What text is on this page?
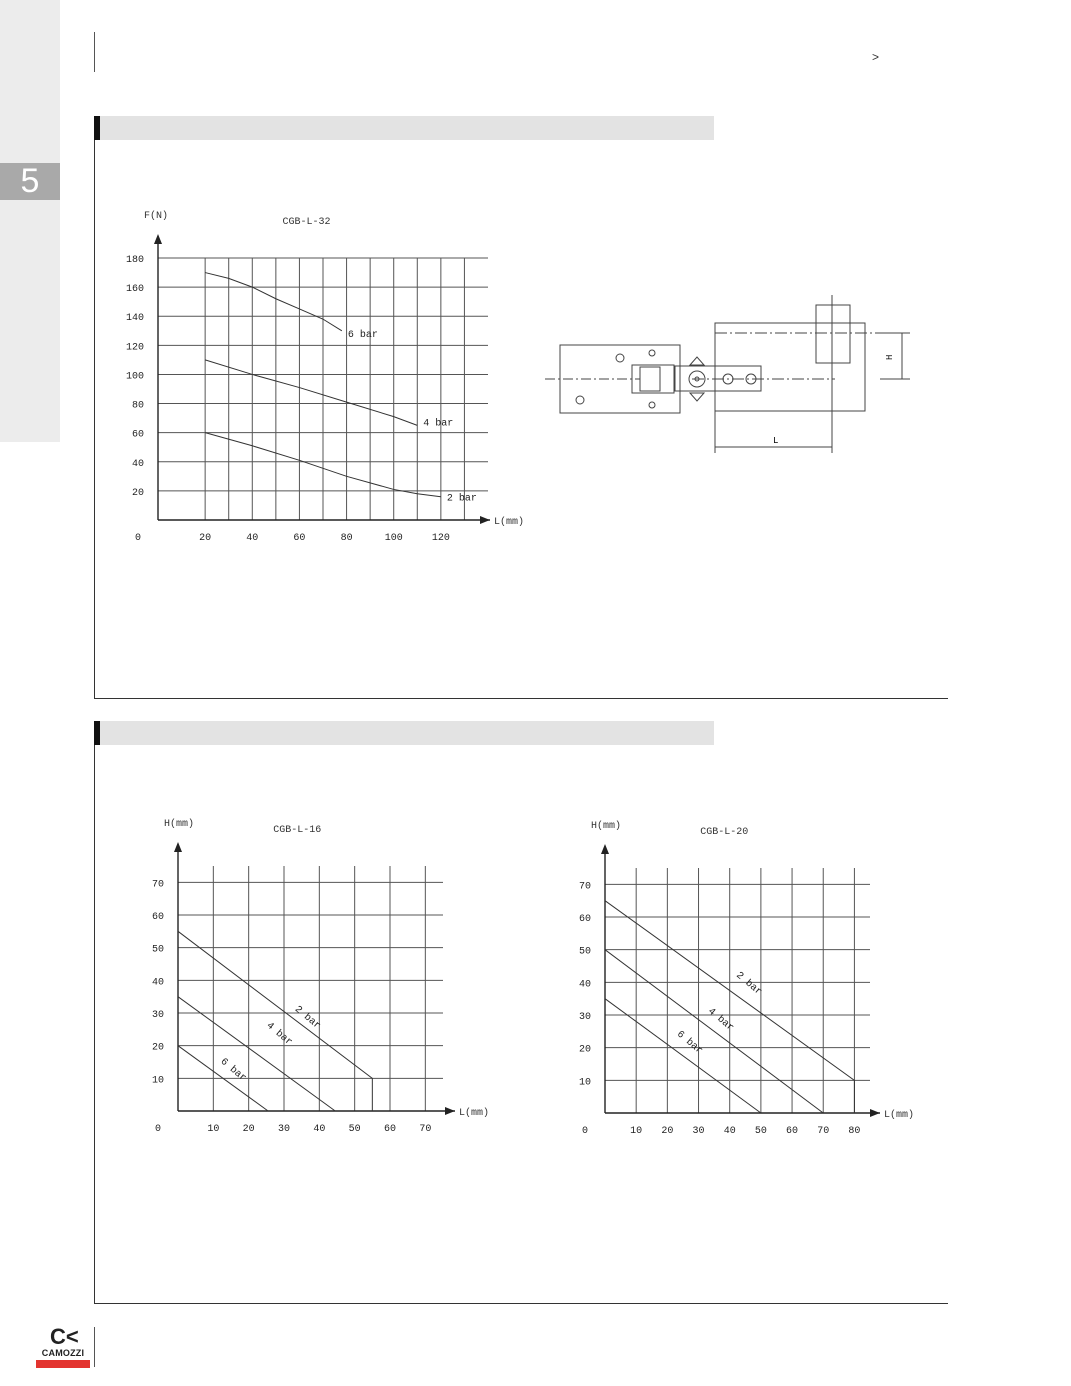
5
>
0	20	40	60	80	100	120
20
40
60
80
100
120
140
160
180
CGB-L-32
F(N)
L(mm)
6 bar
4 bar
2 bar
H
L
0	10 20 30 40 50 60 70
10
20
30
40
50
60
70
CGB-L-16
H(mm)
L(mm)
2 bar
4 bar
6 bar
0	10 20 30 40 50 60 70 80
10
20
30
40
50
60
70
CGB-L-20
H(mm)
L(mm)
2 bar
4 bar
6 bar
C<
CAMOZZI
